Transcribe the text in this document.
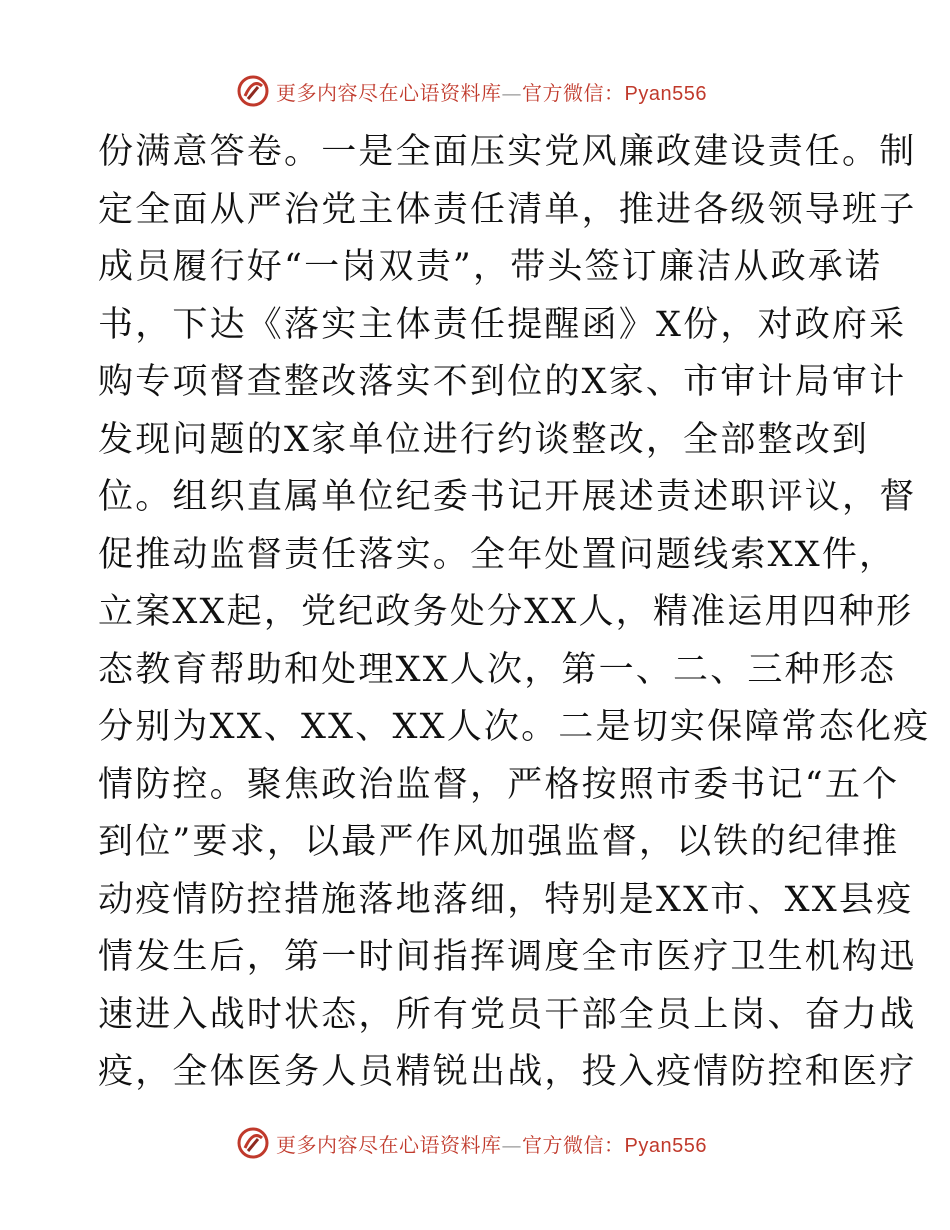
更多内容尽在心语资料库—官方微信：Pyan556
份满意答卷。一是全面压实党风廉政建设责任。制
定全面从严治党主体责任清单，推进各级领导班子
成员履行好“一岗双责”，带头签订廉洁从政承诺
书，下达《落实主体责任提醒函》X份，对政府采
购专项督查整改落实不到位的X家、市审计局审计
发现问题的X家单位进行约谈整改，全部整改到
位。组织直属单位纪委书记开展述责述职评议，督
促推动监督责任落实。全年处置问题线索XX件，
立案XX起，党纪政务处分XX人，精准运用四种形
态教育帮助和处理XX人次，第一、二、三种形态
分别为XX、XX、XX人次。二是切实保障常态化疫
情防控。聚焦政治监督，严格按照市委书记“五个
到位”要求，以最严作风加强监督，以铁的纪律推
动疫情防控措施落地落细，特别是XX市、XX县疫
情发生后，第一时间指挥调度全市医疗卫生机构迅
速进入战时状态，所有党员干部全员上岗、奋力战
疫，全体医务人员精锐出战，投入疫情防控和医疗
更多内容尽在心语资料库—官方微信：Pyan556
